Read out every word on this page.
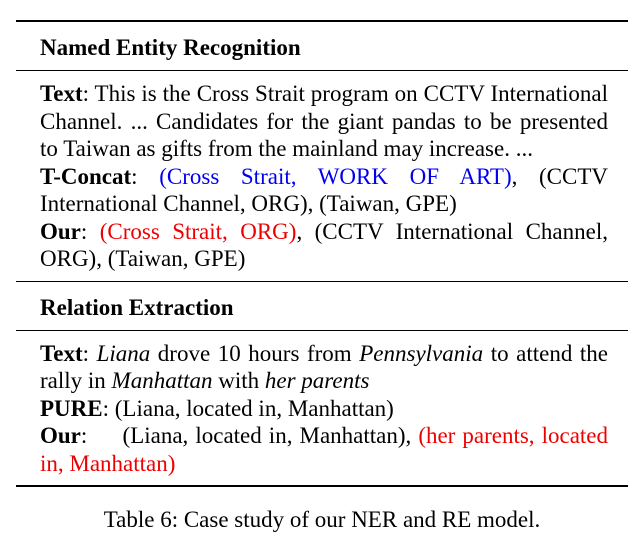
Named Entity Recognition

Text: This is the Cross Strait program on CCTV International Channel. ... Candidates for the giant pandas to be presented to Taiwan as gifts from the mainland may increase. ...

T-Concat: (Cross Strait, WORK OF ART), (CCTV International Channel, ORG), (Taiwan, GPE)

Our: (Cross Strait, ORG), (CCTV International Channel, ORG), (Taiwan, GPE)

Relation Extraction

Text: Liana drove 10 hours from Pennsylvania to attend the rally in Manhattan with her parents

PURE: (Liana, located in, Manhattan)

Our:     (Liana, located in, Manhattan), (her parents, located in, Manhattan)

Table 6: Case study of our NER and RE model.
